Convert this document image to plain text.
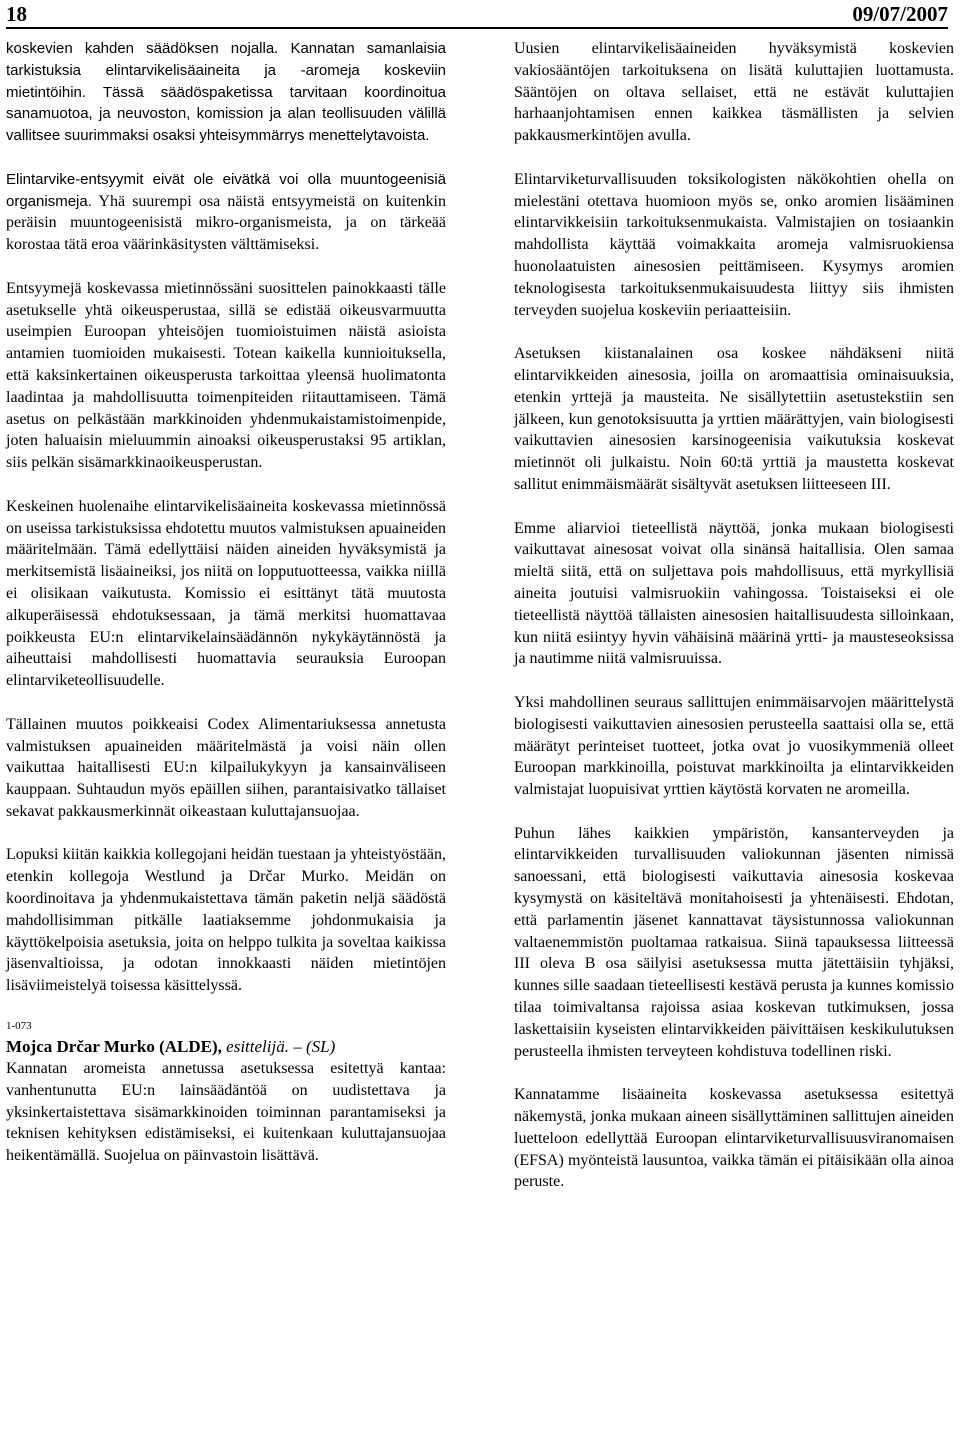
18	09/07/2007

koskevien kahden säädöksen nojalla. Kannatan samanlaisia tarkistuksia elintarvikelisäaineita ja -aromeja koskeviin mietintöihin. Tässä säädöspaketissa tarvitaan koordinoitua sanamuotoa, ja neuvoston, komission ja alan teollisuuden välillä vallitsee suurimmaksi osaksi yhteisymmärrys menettelytavoista.

Elintarvike-entsyymit eivät ole eivätkä voi olla muuntogeenisiä organismeja. Yhä suurempi osa näistä entsyymeistä on kuitenkin peräisin muuntogeenisistä mikro-organismeista, ja on tärkeää korostaa tätä eroa väärinkäsitysten välttämiseksi.

Entsyymejä koskevassa mietinnössäni suosittelen painokkaasti tälle asetukselle yhtä oikeusperustaa, sillä se edistää oikeusvarmuutta useimpien Euroopan yhteisöjen tuomioistuimen näistä asioista antamien tuomioiden mukaisesti. Totean kaikella kunnioituksella, että kaksinkertainen oikeusperusta tarkoittaa yleensä huolimatonta laadintaa ja mahdollisuutta toimenpiteiden riitauttamiseen. Tämä asetus on pelkästään markkinoiden yhdenmukaistamistoimenpide, joten haluaisin mieluummin ainoaksi oikeusperustaksi 95 artiklan, siis pelkän sisämarkkinaoikeusperustan.

Keskeinen huolenaihe elintarvikelisäaineita koskevassa mietinnössä on useissa tarkistuksissa ehdotettu muutos valmistuksen apuaineiden määritelmään. Tämä edellyttäisi näiden aineiden hyväksymistä ja merkitsemistä lisäaineiksi, jos niitä on lopputuotteessa, vaikka niillä ei olisikaan vaikutusta. Komissio ei esittänyt tätä muutosta alkuperäisessä ehdotuksessaan, ja tämä merkitsi huomattavaa poikkeusta EU:n elintarvikelainsäädännön nykykäytännöstä ja aiheuttaisi mahdollisesti huomattavia seurauksia Euroopan elintarviketeollisuudelle.

Tällainen muutos poikkeaisi Codex Alimentariuksessa annetusta valmistuksen apuaineiden määritelmästä ja voisi näin ollen vaikuttaa haitallisesti EU:n kilpailukykyyn ja kansainväliseen kauppaan. Suhtaudun myös epäillen siihen, parantaisivatko tällaiset sekavat pakkausmerkinnät oikeastaan kuluttajansuojaa.

Lopuksi kiitän kaikkia kollegojani heidän tuestaan ja yhteistyöstään, etenkin kollegoja Westlund ja Drčar Murko. Meidän on koordinoitava ja yhdenmukaistettava tämän paketin neljä säädöstä mahdollisimman pitkälle laatiaksemme johdonmukaisia ja käyttökelpoisia asetuksia, joita on helppo tulkita ja soveltaa kaikissa jäsenvaltioissa, ja odotan innokkaasti näiden mietintöjen lisäviimeistelyä toisessa käsittelyssä.

1-073
Mojca Drčar Murko (ALDE), esittelijä. – (SL)

Kannatan aromeista annetussa asetuksessa esitettyä kantaa: vanhentunutta EU:n lainsäädäntöä on uudistettava ja yksinkertaistettava sisämarkkinoiden toiminnan parantamiseksi ja teknisen kehityksen edistämiseksi, ei kuitenkaan kuluttajansuojaa heikentämällä. Suojelua on päinvastoin lisättävä.

Uusien elintarvikelisäaineiden hyväksymistä koskevien vakiosääntöjen tarkoituksena on lisätä kuluttajien luottamusta. Sääntöjen on oltava sellaiset, että ne estävät kuluttajien harhaanjohtamisen ennen kaikkea täsmällisten ja selvien pakkausmerkintöjen avulla.

Elintarviketurvallisuuden toksikologisten näkökohtien ohella on mielestäni otettava huomioon myös se, onko aromien lisääminen elintarvikkeisiin tarkoituksenmukaista. Valmistajien on tosiaankin mahdollista käyttää voimakkaita aromeja valmisruokiensa huonolaatuisten ainesosien peittämiseen. Kysymys aromien teknologisesta tarkoituksenmukaisuudesta liittyy siis ihmisten terveyden suojelua koskeviin periaatteisiin.

Asetuksen kiistanalainen osa koskee nähdäkseni niitä elintarvikkeiden ainesosia, joilla on aromaattisia ominaisuuksia, etenkin yrttejä ja mausteita. Ne sisällytettiin asetustekstiin sen jälkeen, kun genotoksisuutta ja yrttien määrättyjen, vain biologisesti vaikuttavien ainesosien karsinogeenisia vaikutuksia koskevat mietinnöt oli julkaistu. Noin 60:tä yrttiä ja maustetta koskevat sallitut enimmäismäärät sisältyvät asetuksen liitteeseen III.

Emme aliarvioi tieteellistä näyttöä, jonka mukaan biologisesti vaikuttavat ainesosat voivat olla sinänsä haitallisia. Olen samaa mieltä siitä, että on suljettava pois mahdollisuus, että myrkyllisiä aineita joutuisi valmisruokiin vahingossa. Toistaiseksi ei ole tieteellistä näyttöä tällaisten ainesosien haitallisuudesta silloinkaan, kun niitä esiintyy hyvin vähäisinä määrinä yrtti- ja mausteseoksissa ja nautimme niitä valmisruuissa.

Yksi mahdollinen seuraus sallittujen enimmäisarvojen määrittelystä biologisesti vaikuttavien ainesosien perusteella saattaisi olla se, että määrätyt perinteiset tuotteet, jotka ovat jo vuosikymmeniä olleet Euroopan markkinoilla, poistuvat markkinoilta ja elintarvikkeiden valmistajat luopuisivat yrttien käytöstä korvaten ne aromeilla.

Puhun lähes kaikkien ympäristön, kansanterveyden ja elintarvikkeiden turvallisuuden valiokunnan jäsenten nimissä sanoessani, että biologisesti vaikuttavia ainesosia koskevaa kysymystä on käsiteltävä monitahoisesti ja yhtenäisesti. Ehdotan, että parlamentin jäsenet kannattavat täysistunnossa valiokunnan valtaenemmistön puoltamaa ratkaisua. Siinä tapauksessa liitteessä III oleva B osa säilyisi asetuksessa mutta jätettäisiin tyhjäksi, kunnes sille saadaan tieteellisesti kestävä perusta ja kunnes komissio tilaa toimivaltansa rajoissa asiaa koskevan tutkimuksen, jossa laskettaisiin kyseisten elintarvikkeiden päivittäisen keskikulutuksen perusteella ihmisten terveyteen kohdistuva todellinen riski.

Kannatamme lisäaineita koskevassa asetuksessa esitettyä näkemystä, jonka mukaan aineen sisällyttäminen sallittujen aineiden luetteloon edellyttää Euroopan elintarviketurvallisuusviranomaisen (EFSA) myönteistä lausuntoa, vaikka tämän ei pitäisikään olla ainoa peruste.
